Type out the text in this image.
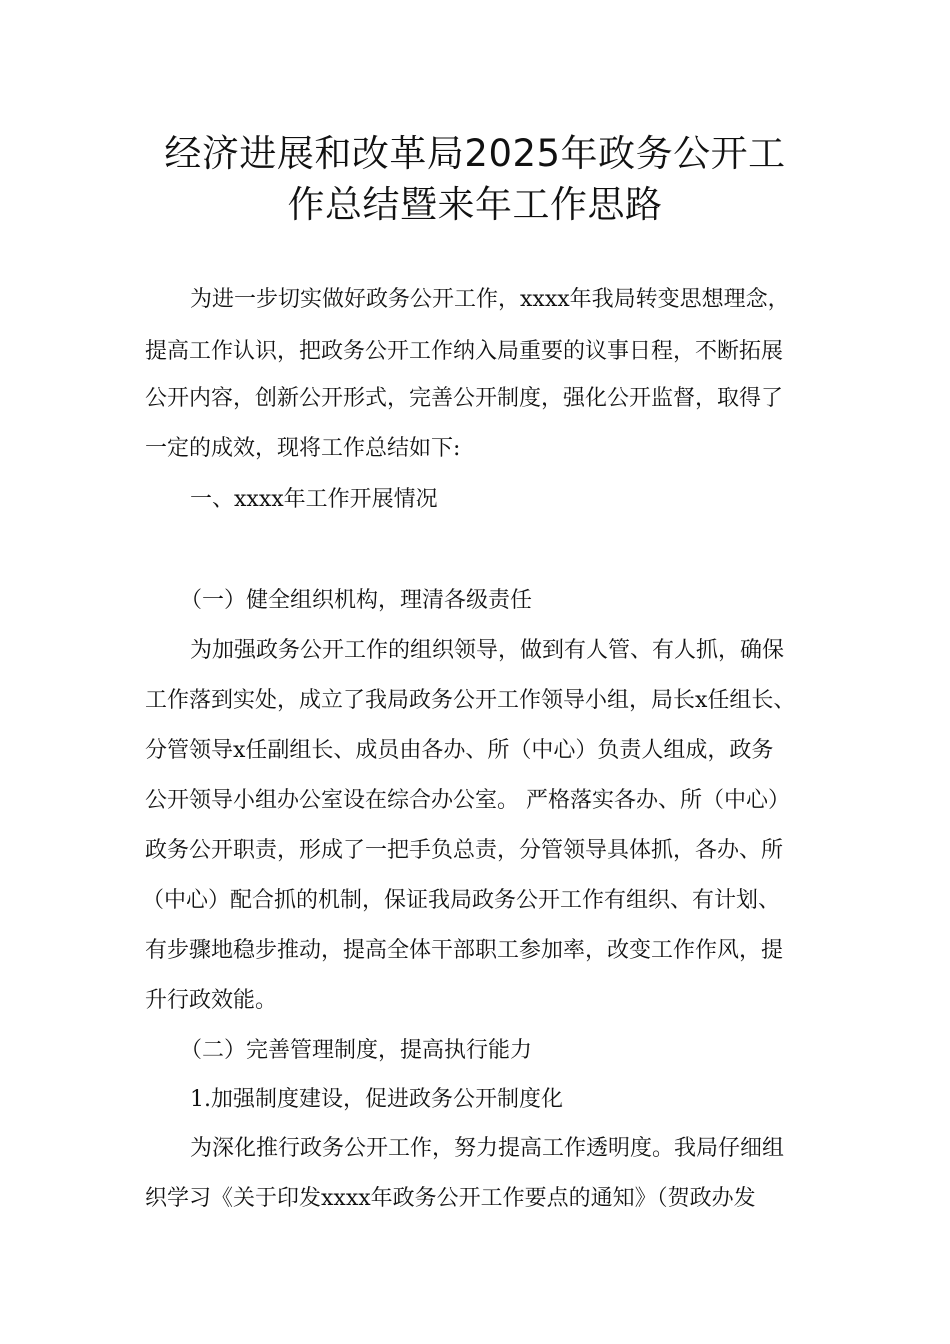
经济进展和改革局2025年政务公开工
作总结暨来年工作思路
为进一步切实做好政务公开工作，xxxx年我局转变思想理念，
提高工作认识，把政务公开工作纳入局重要的议事日程，不断拓展
公开内容，创新公开形式，完善公开制度，强化公开监督，取得了
一定的成效，现将工作总结如下:
一、xxxx年工作开展情况
（一）健全组织机构，理清各级责任
为加强政务公开工作的组织领导，做到有人管、有人抓，确保
工作落到实处，成立了我局政务公开工作领导小组，局长x任组长、
分管领导x任副组长、成员由各办、所（中心）负责人组成，政务
公开领导小组办公室设在综合办公室。 严格落实各办、所（中心）
政务公开职责，形成了一把手负总责，分管领导具体抓，各办、所
（中心）配合抓的机制，保证我局政务公开工作有组织、有计划、
有步骤地稳步推动，提高全体干部职工参加率，改变工作作风，提
升行政效能。
（二）完善管理制度，提高执行能力
1.加强制度建设，促进政务公开制度化
为深化推行政务公开工作，努力提高工作透明度。我局仔细组
织学习《关于印发xxxx年政务公开工作要点的通知》（贺政办发
